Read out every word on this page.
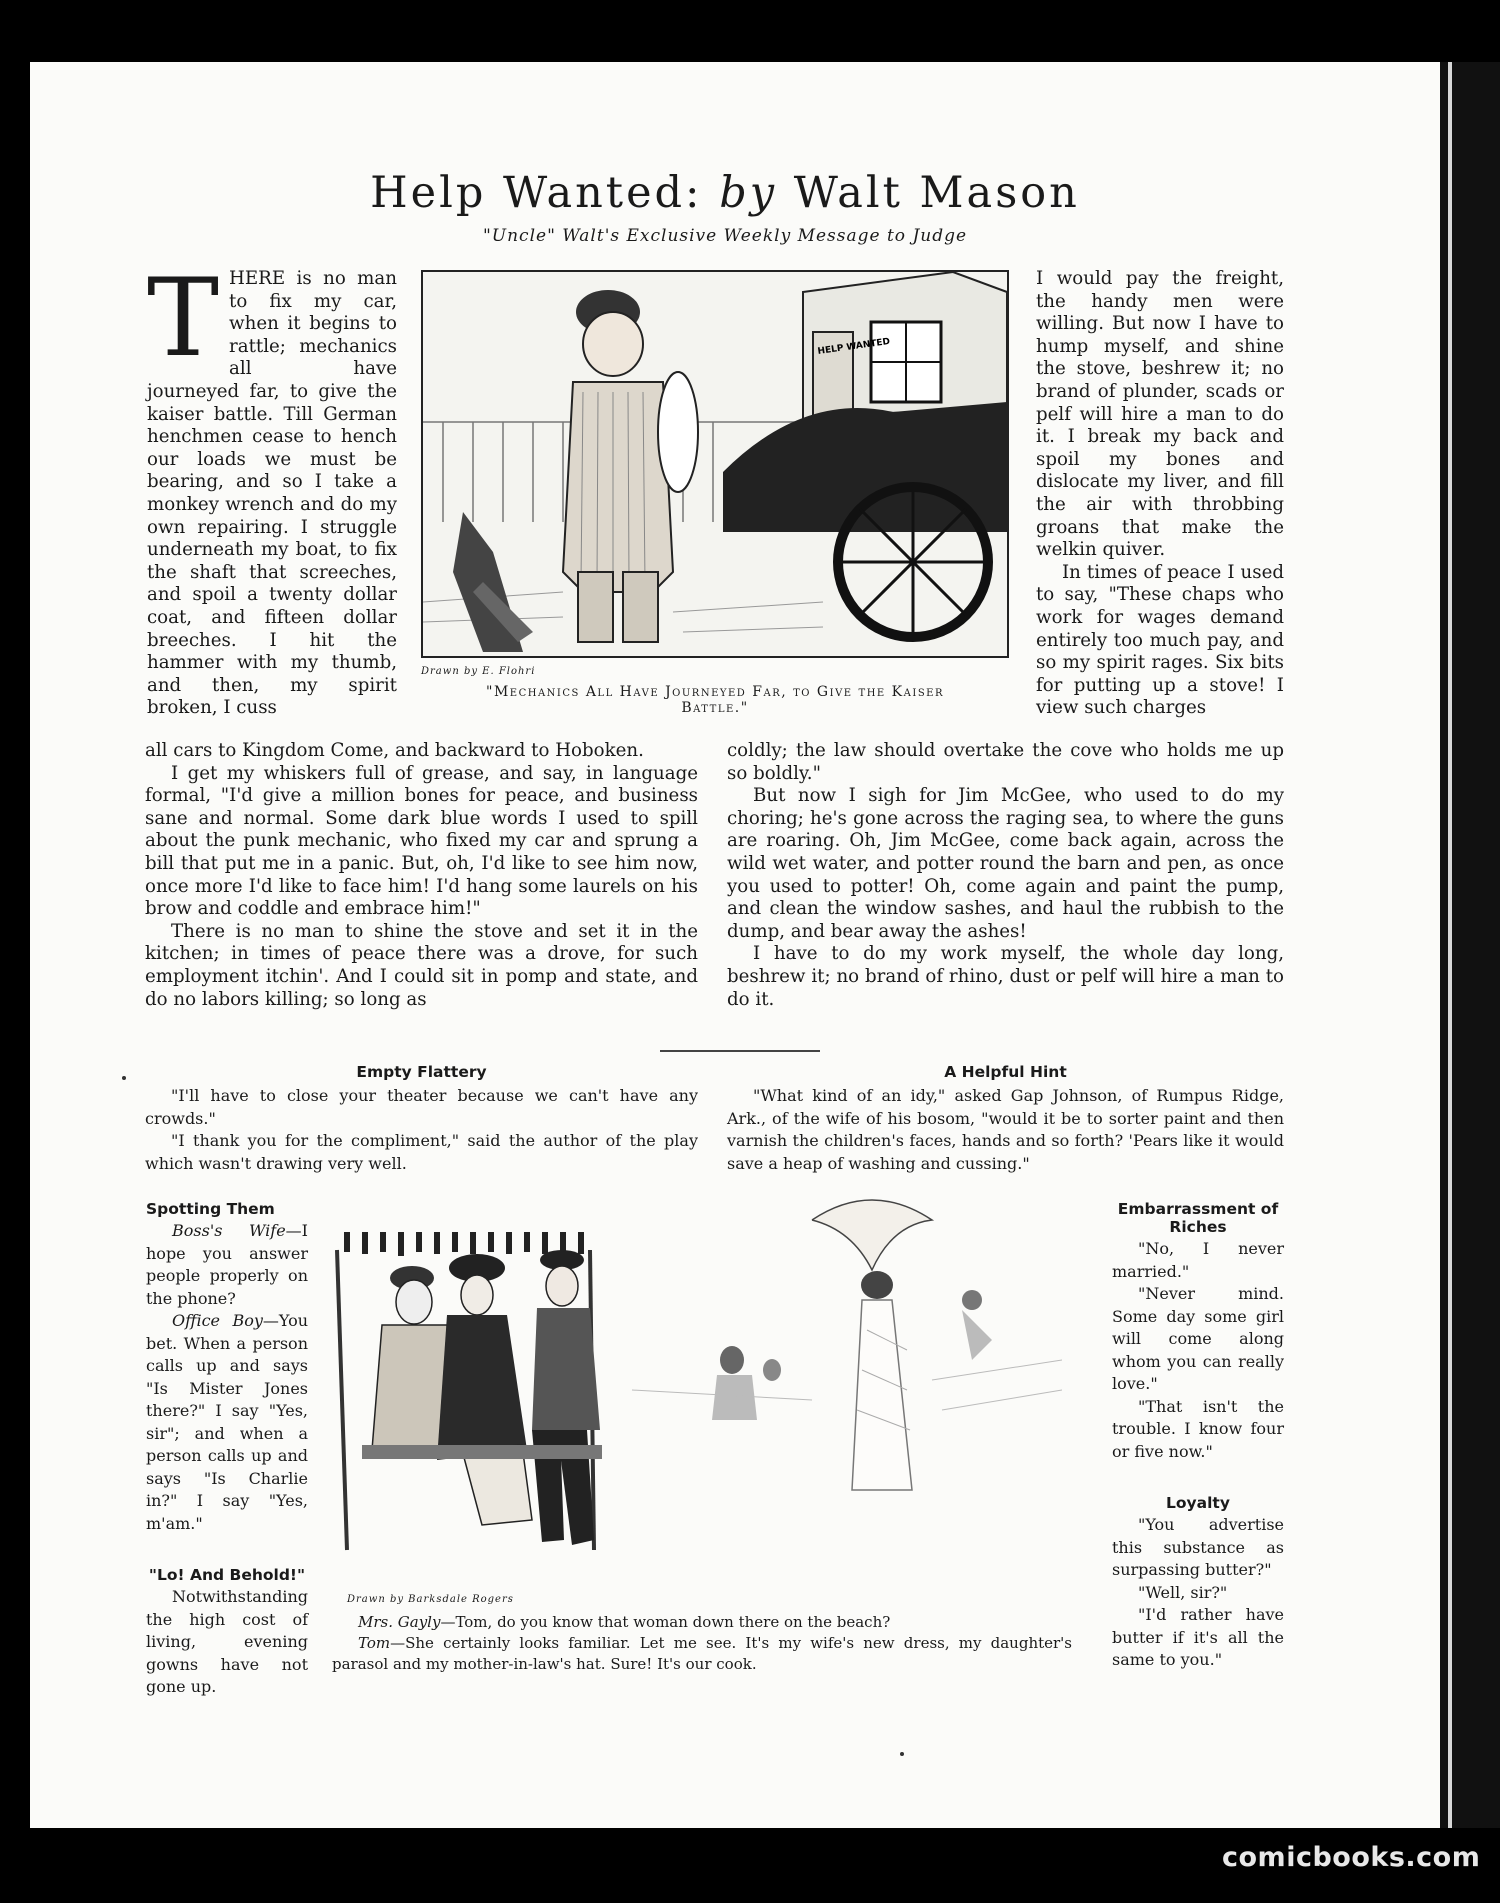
Help Wanted: by Walt Mason
"Uncle" Walt's Exclusive Weekly Message to Judge
T HERE is no man to fix my car, when it begins to rattle; mechanics all have journeyed far, to give the kaiser battle. Till German henchmen cease to hench our loads we must be bearing, and so I take a monkey wrench and do my own repairing. I struggle underneath my boat, to fix the shaft that screeches, and spoil a twenty dollar coat, and fifteen dollar breeches. I hit the hammer with my thumb, and then, my spirit broken, I cuss
HELP WANTED
Drawn by E. Flohri
"Mechanics All Have Journeyed Far, to Give the Kaiser Battle."

I would pay the freight, the handy men were willing. But now I have to hump myself, and shine the stove, beshrew it; no brand of plunder, scads or pelf will hire a man to do it. I break my back and spoil my bones and dislocate my liver, and fill the air with throbbing groans that make the welkin quiver.

In times of peace I used to say, "These chaps who work for wages demand entirely too much pay, and so my spirit rages. Six bits for putting up a stove! I view such charges

all cars to Kingdom Come, and backward to Hoboken.

I get my whiskers full of grease, and say, in language formal, "I'd give a million bones for peace, and business sane and normal. Some dark blue words I used to spill about the punk mechanic, who fixed my car and sprung a bill that put me in a panic. But, oh, I'd like to see him now, once more I'd like to face him! I'd hang some laurels on his brow and coddle and embrace him!"

There is no man to shine the stove and set it in the kitchen; in times of peace there was a drove, for such employment itchin'. And I could sit in pomp and state, and do no labors killing; so long as

coldly; the law should overtake the cove who holds me up so boldly."

But now I sigh for Jim McGee, who used to do my choring; he's gone across the raging sea, to where the guns are roaring. Oh, Jim McGee, come back again, across the wild wet water, and potter round the barn and pen, as once you used to potter! Oh, come again and paint the pump, and clean the window sashes, and haul the rubbish to the dump, and bear away the ashes!

I have to do my work myself, the whole day long, beshrew it; no brand of rhino, dust or pelf will hire a man to do it.

Empty Flattery

"I'll have to close your theater because we can't have any crowds."

"I thank you for the compliment," said the author of the play which wasn't drawing very well.

A Helpful Hint

"What kind of an idy," asked Gap Johnson, of Rumpus Ridge, Ark., of the wife of his bosom, "would it be to sorter paint and then varnish the children's faces, hands and so forth? 'Pears like it would save a heap of washing and cussing."

Spotting Them

Boss's Wife—I hope you answer people properly on the phone?

Office Boy—You bet. When a person calls up and says "Is Mister Jones there?" I say "Yes, sir"; and when a person calls up and says "Is Charlie in?" I say "Yes, m'am."

"Lo! And Behold!"

Notwithstanding the high cost of living, evening gowns have not gone up.

Drawn by Barksdale Rogers

Mrs. Gayly—Tom, do you know that woman down there on the beach?

Tom—She certainly looks familiar. Let me see. It's my wife's new dress, my daughter's parasol and my mother-in-law's hat. Sure! It's our cook.

Embarrassment of Riches

"No, I never married."

"Never mind. Some day some girl will come along whom you can really love."

"That isn't the trouble. I know four or five now."

Loyalty

"You advertise this substance as surpassing butter?"

"Well, sir?"

"I'd rather have butter if it's all the same to you."

comicbooks.com
